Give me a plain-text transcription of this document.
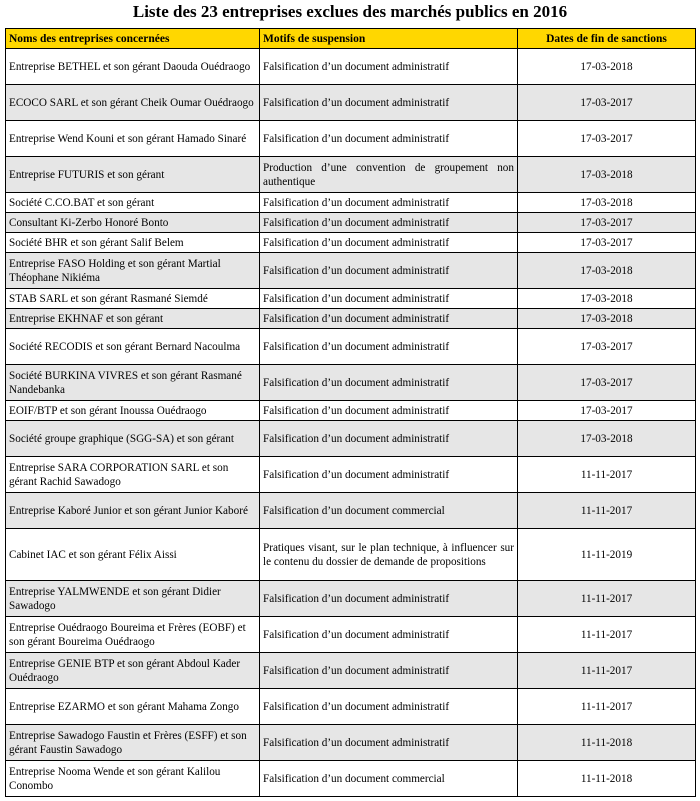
Liste des 23 entreprises exclues des marchés publics en 2016
Noms des entreprises concernées	Motifs de suspension	Dates de fin de sanctions
Entreprise BETHEL et son gérant Daouda Ouédraogo	Falsification d’un document administratif	17-03-2018
ECOCO SARL et son gérant Cheik Oumar Ouédraogo	Falsification d’un document administratif	17-03-2017
Entreprise Wend Kouni et son gérant Hamado Sinaré	Falsification d’un document administratif	17-03-2017
Entreprise FUTURIS et son gérant	Production d’une convention de groupement non authentique	17-03-2018
Société C.CO.BAT et son gérant	Falsification d’un document administratif	17-03-2018
Consultant Ki-Zerbo Honoré Bonto	Falsification d’un document administratif	17-03-2017
Société BHR et son gérant Salif Belem	Falsification d’un document administratif	17-03-2017
Entreprise FASO Holding et son gérant Martial Théophane Nikiéma	Falsification d’un document administratif	17-03-2018
STAB SARL et son gérant Rasmané Siemdé	Falsification d’un document administratif	17-03-2018
Entreprise EKHNAF et son gérant	Falsification d’un document administratif	17-03-2018
Société RECODIS et son gérant Bernard Nacoulma	Falsification d’un document administratif	17-03-2017
Société BURKINA VIVRES et son gérant Rasmané Nandebanka	Falsification d’un document administratif	17-03-2017
EOIF/BTP et son gérant Inoussa Ouédraogo	Falsification d’un document administratif	17-03-2017
Société groupe graphique (SGG-SA) et son gérant	Falsification d’un document administratif	17-03-2018
Entreprise SARA CORPORATION SARL et son gérant Rachid Sawadogo	Falsification d’un document administratif	11-11-2017
Entreprise Kaboré Junior et son gérant Junior Kaboré	Falsification d’un document commercial	11-11-2017
Cabinet IAC et son gérant Félix Aissi	Pratiques visant, sur le plan technique, à influencer sur le contenu du dossier de demande de propositions	11-11-2019
Entreprise YALMWENDE et son gérant Didier Sawadogo	Falsification d’un document administratif	11-11-2017
Entreprise Ouédraogo Boureima et Frères (EOBF) et son gérant Boureima Ouédraogo	Falsification d’un document administratif	11-11-2017
Entreprise GENIE BTP et son gérant Abdoul Kader Ouédraogo	Falsification d’un document administratif	11-11-2017
Entreprise EZARMO et son gérant Mahama Zongo	Falsification d’un document administratif	11-11-2017
Entreprise Sawadogo Faustin et Frères (ESFF) et son gérant Faustin Sawadogo	Falsification d’un document administratif	11-11-2018
Entreprise Nooma Wende et son gérant Kalilou Conombo	Falsification d’un document commercial	11-11-2018
